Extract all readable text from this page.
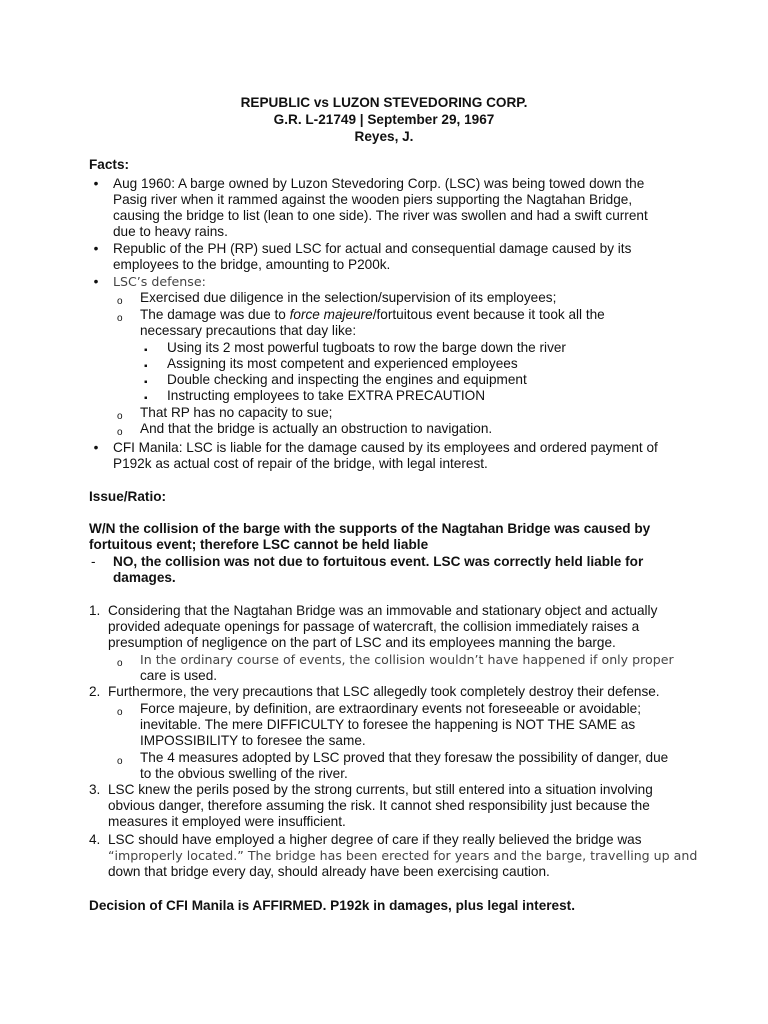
REPUBLIC vs LUZON STEVEDORING CORP.
G.R. L-21749 | September 29, 1967
Reyes, J.
Facts:
•	Aug 1960: A barge owned by Luzon Stevedoring Corp. (LSC) was being towed down the
Pasig river when it rammed against the wooden piers supporting the Nagtahan Bridge,
causing the bridge to list (lean to one side). The river was swollen and had a swift current
due to heavy rains.
•	Republic of the PH (RP) sued LSC for actual and consequential damage caused by its
employees to the bridge, amounting to P200k.
•	LSC’s defense:
o Exercised due diligence in the selection/supervision of its employees;
o The damage was due to force majeure/fortuitous event because it took all the
necessary precautions that day like:
▪ Using its 2 most powerful tugboats to row the barge down the river
▪ Assigning its most competent and experienced employees
▪ Double checking and inspecting the engines and equipment
▪ Instructing employees to take EXTRA PRECAUTION
o That RP has no capacity to sue;
o And that the bridge is actually an obstruction to navigation.
•	CFI Manila: LSC is liable for the damage caused by its employees and ordered payment of
P192k as actual cost of repair of the bridge, with legal interest.
Issue/Ratio:
W/N the collision of the barge with the supports of the Nagtahan Bridge was caused by
fortuitous event; therefore LSC cannot be held liable
- NO, the collision was not due to fortuitous event. LSC was correctly held liable for
damages.
1. Considering that the Nagtahan Bridge was an immovable and stationary object and actually
provided adequate openings for passage of watercraft, the collision immediately raises a
presumption of negligence on the part of LSC and its employees manning the barge.
o In the ordinary course of events, the collision wouldn’t have happened if only proper
care is used.
2. Furthermore, the very precautions that LSC allegedly took completely destroy their defense.
o Force majeure, by definition, are extraordinary events not foreseeable or avoidable;
inevitable. The mere DIFFICULTY to foresee the happening is NOT THE SAME as
IMPOSSIBILITY to foresee the same.
o The 4 measures adopted by LSC proved that they foresaw the possibility of danger, due
to the obvious swelling of the river.
3. LSC knew the perils posed by the strong currents, but still entered into a situation involving
obvious danger, therefore assuming the risk. It cannot shed responsibility just because the
measures it employed were insufficient.
4. LSC should have employed a higher degree of care if they really believed the bridge was
“improperly located.” The bridge has been erected for years and the barge, travelling up and
down that bridge every day, should already have been exercising caution.
Decision of CFI Manila is AFFIRMED. P192k in damages, plus legal interest.
